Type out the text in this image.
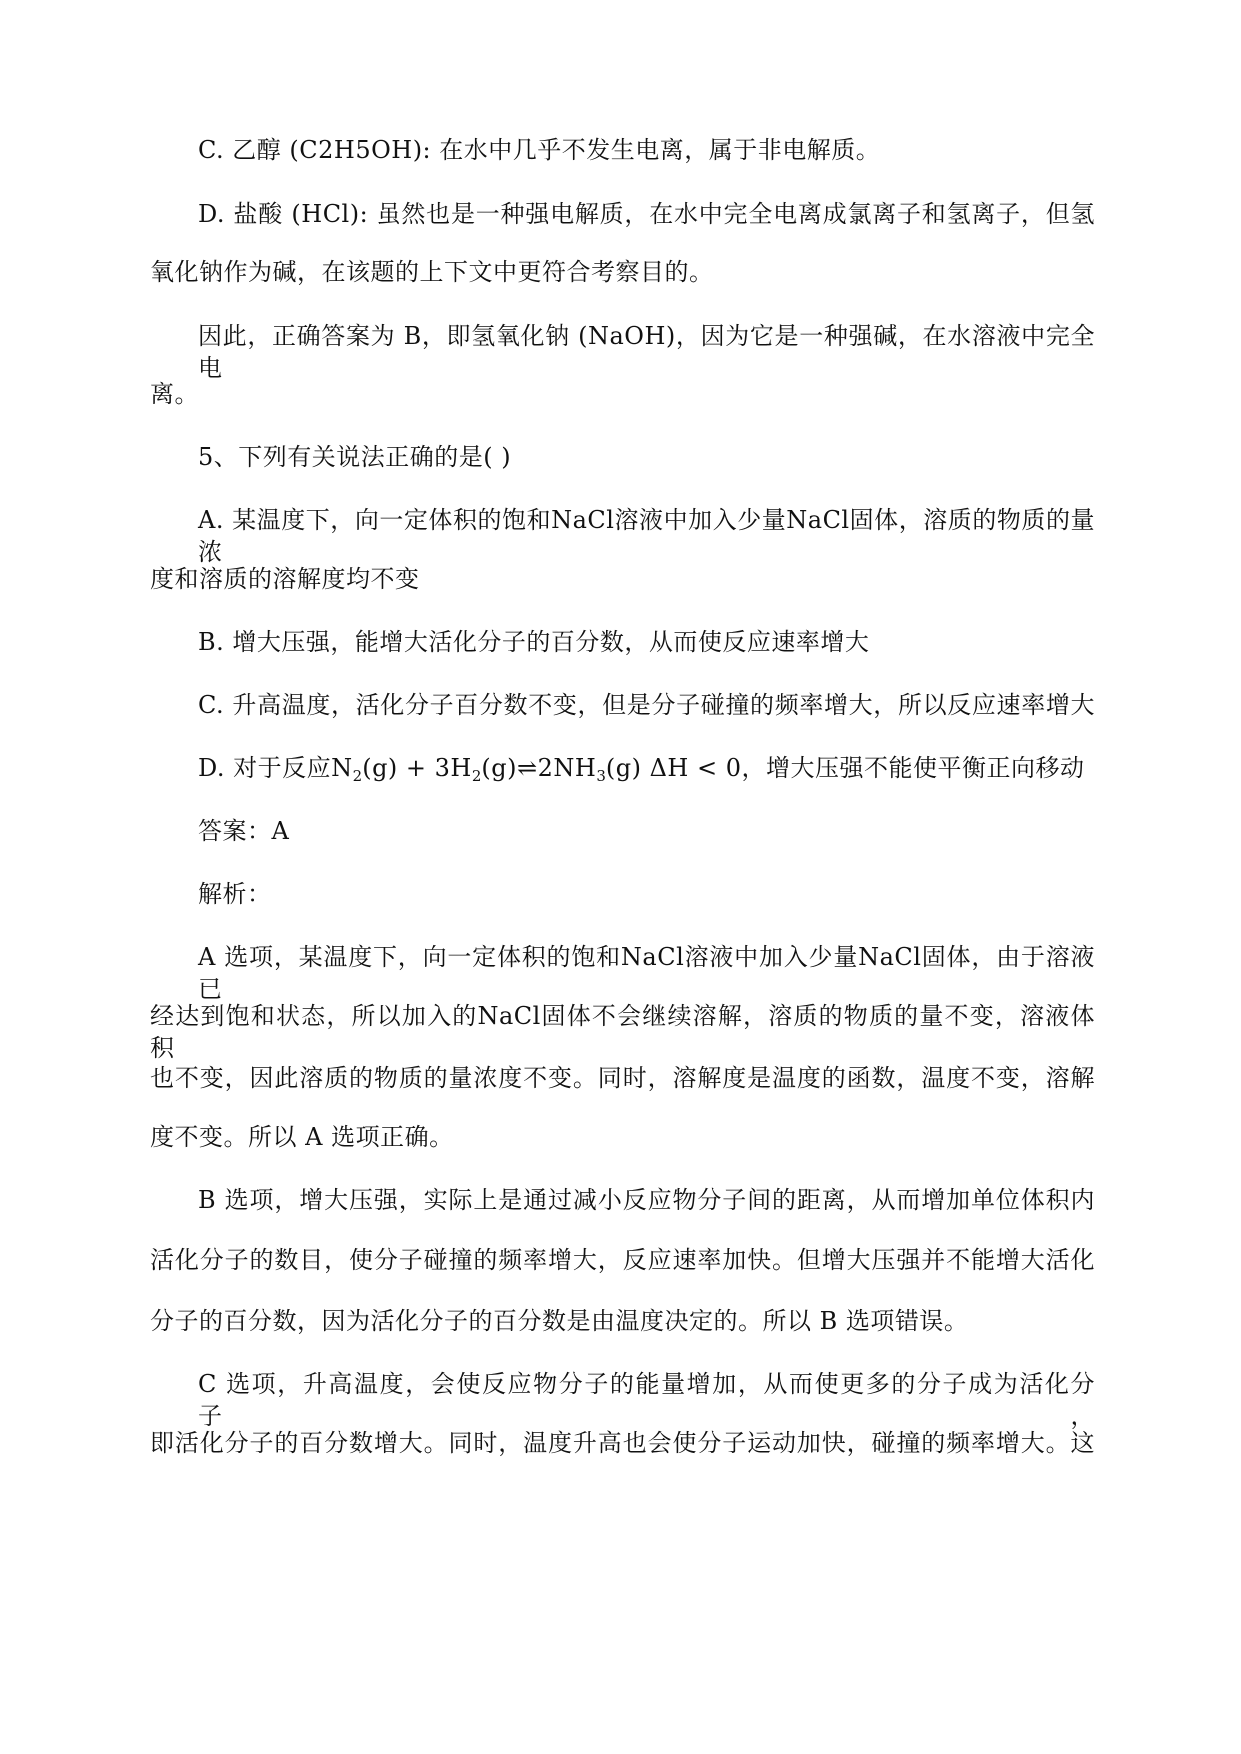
C. 乙醇 (C2H5OH): 在水中几乎不发生电离，属于非电解质。
D. 盐酸 (HCl): 虽然也是一种强电解质，在水中完全电离成氯离子和氢离子，但氢
氧化钠作为碱，在该题的上下文中更符合考察目的。
因此，正确答案为 B，即氢氧化钠 (NaOH)，因为它是一种强碱，在水溶液中完全电
离。
5、下列有关说法正确的是( )
A. 某温度下，向一定体积的饱和NaCl溶液中加入少量NaCl固体，溶质的物质的量浓
度和溶质的溶解度均不变
B. 增大压强，能增大活化分子的百分数，从而使反应速率增大
C. 升高温度，活化分子百分数不变，但是分子碰撞的频率增大，所以反应速率增大
D. 对于反应$N_2(g)$ + $3H_2(g)\rightleftharpoons 2NH_3(g) \Delta H < 0$，增大压强不能使平衡正向移动
答案：A
解析：
A 选项，某温度下，向一定体积的饱和NaCl溶液中加入少量NaCl固体，由于溶液已
经达到饱和状态，所以加入的NaCl固体不会继续溶解，溶质的物质的量不变，溶液体积
也不变，因此溶质的物质的量浓度不变。同时，溶解度是温度的函数，温度不变，溶解
度不变。所以 A 选项正确。
B 选项，增大压强，实际上是通过减小反应物分子间的距离，从而增加单位体积内
活化分子的数目，使分子碰撞的频率增大，反应速率加快。但增大压强并不能增大活化
分子的百分数，因为活化分子的百分数是由温度决定的。所以 B 选项错误。
C 选项，升高温度，会使反应物分子的能量增加，从而使更多的分子成为活化分子，
即活化分子的百分数增大。同时，温度升高也会使分子运动加快，碰撞的频率增大。这
